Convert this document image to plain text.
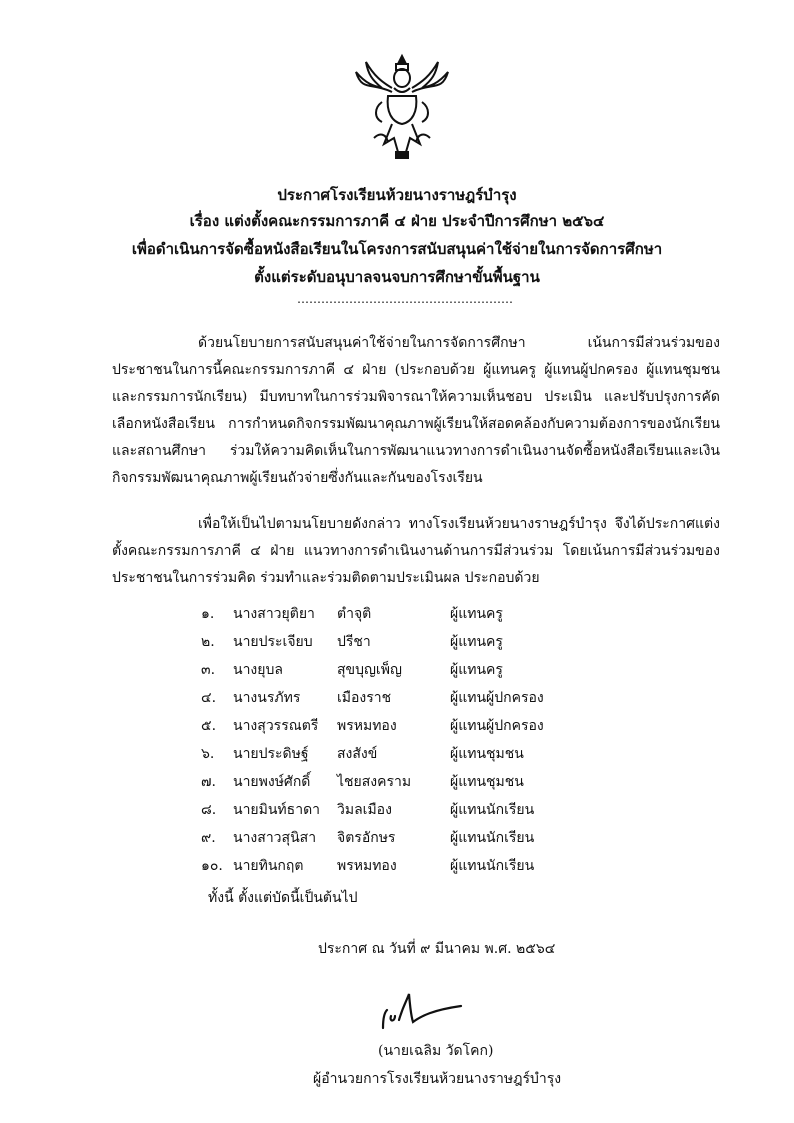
ประกาศโรงเรียนห้วยนางราษฎร์บำรุง
เรื่อง แต่งตั้งคณะกรรมการภาคี ๔ ฝ่าย ประจำปีการศึกษา ๒๕๖๔
เพื่อดำเนินการจัดซื้อหนังสือเรียนในโครงการสนับสนุนค่าใช้จ่ายในการจัดการศึกษา
ตั้งแต่ระดับอนุบาลจนจบการศึกษาขั้นพื้นฐาน
………………………………………………
ด้วยนโยบายการสนับสนุนค่าใช้จ่ายในการจัดการศึกษา เน้นการมีส่วนร่วมของประชาชนในการนี้คณะกรรมการภาคี ๔ ฝ่าย (ประกอบด้วย ผู้แทนครู ผู้แทนผู้ปกครอง ผู้แทนชุมชน และกรรมการนักเรียน) มีบทบาทในการร่วมพิจารณาให้ความเห็นชอบ ประเมิน และปรับปรุงการคัดเลือกหนังสือเรียน การกำหนดกิจกรรมพัฒนาคุณภาพผู้เรียนให้สอดคล้องกับความต้องการของนักเรียน และสถานศึกษา ร่วมให้ความคิดเห็นในการพัฒนาแนวทางการดำเนินงานจัดซื้อหนังสือเรียนและเงินกิจกรรมพัฒนาคุณภาพผู้เรียนถัวจ่ายซึ่งกันและกันของโรงเรียน
เพื่อให้เป็นไปตามนโยบายดังกล่าว ทางโรงเรียนห้วยนางราษฎร์บำรุง จึงได้ประกาศแต่งตั้งคณะกรรมการภาคี ๔ ฝ่าย แนวทางการดำเนินงานด้านการมีส่วนร่วม โดยเน้นการมีส่วนร่วมของประชาชนในการร่วมคิด ร่วมทำและร่วมติดตามประเมินผล ประกอบด้วย
๑.	นางสาวยุติยา ตำจุติ	ผู้แทนครู
๒.	นายประเจียบ ปรีชา	ผู้แทนครู
๓.	นางยุบล	สุขบุญเพ็ญ	ผู้แทนครู
๔.	นางนรภัทร	เมืองราช	ผู้แทนผู้ปกครอง
๕.	นางสุวรรณตรี พรหมทอง	ผู้แทนผู้ปกครอง
๖.	นายประดิษฐ์ สงสังข์	ผู้แทนชุมชน
๗.	นายพงษ์ศักดิ์ ไชยสงคราม	ผู้แทนชุมชน
๘.	นายมินท์ธาดา วิมลเมือง	ผู้แทนนักเรียน
๙.	นางสาวสุนิสา จิตรอักษร	ผู้แทนนักเรียน
๑๐. นายทินกฤต พรหมทอง	ผู้แทนนักเรียน
ทั้งนี้ ตั้งแต่บัดนี้เป็นต้นไป
ประกาศ ณ วันที่ ๙ มีนาคม พ.ศ. ๒๕๖๔
(นายเฉลิม วัดโคก)
ผู้อำนวยการโรงเรียนห้วยนางราษฎร์บำรุง
